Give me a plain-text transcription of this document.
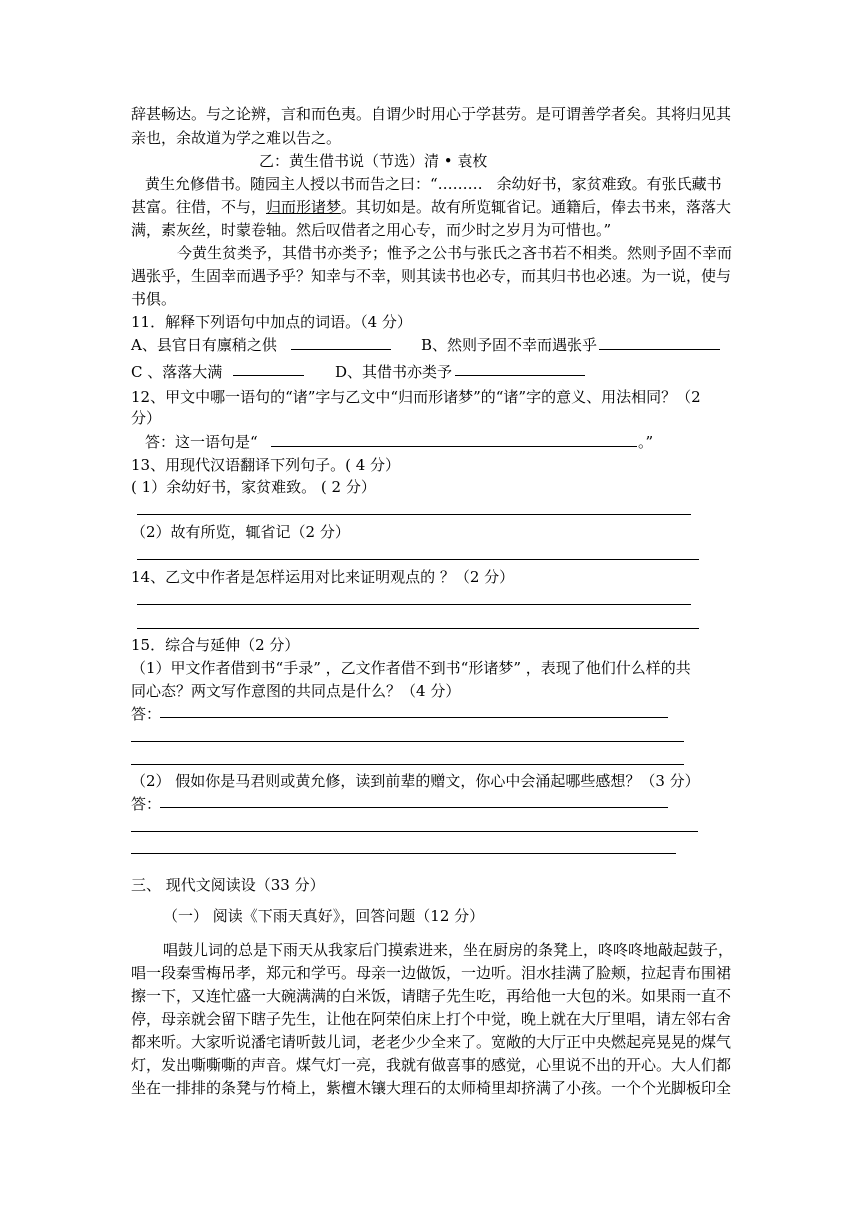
辞甚畅达。与之论辨，言和而色夷。自谓少时用心于学甚劳。是可谓善学者矣。其将归见其
亲也，余故道为学之难以告之。
乙：黄生借书说（节选）清 • 袁枚
黄生允修借书。随园主人授以书而告之曰：“……… 余幼好书，家贫难致。有张氏藏书
甚富。往借，不与，归而形诸梦。其切如是。故有所览辄省记。通籍后，俸去书来，落落大
满，素灰丝，时蒙卷轴。然后叹借者之用心专，而少时之岁月为可惜也。”
今黄生贫类予，其借书亦类予；惟予之公书与张氏之吝书若不相类。然则予固不幸而
遇张乎，生固幸而遇予乎？知幸与不幸，则其读书也必专，而其归书也必速。为一说，使与
书俱。
11．解释下列语句中加点的词语。（4 分）
A、县官日有廪稍之供	B、然则予固不幸而遇张乎
C 、落落大满	D、其借书亦类予
12、甲文中哪一语句的“诸”字与乙文中“归而形诸梦”的“诸”字的意义、用法相同？（2
分）
答：这一语句是“	。”
13、用现代汉语翻译下列句子。( 4 分）
( 1）余幼好书，家贫难致。 ( 2 分）
（2）故有所览，辄省记（2 分）
14、乙文中作者是怎样运用对比来证明观点的 ？（2 分）
15．综合与延伸（2 分）
（1）甲文作者借到书“手录” ，乙文作者借不到书“形诸梦” ，表现了他们什么样的共
同心态？两文写作意图的共同点是什么？（4 分）
答：
（2） 假如你是马君则或黄允修，读到前辈的赠文，你心中会涌起哪些感想？（3 分）
答：
三、 现代文阅读设（33 分）
（一） 阅读《下雨天真好》，回答问题（12 分）
唱鼓儿词的总是下雨天从我家后门摸索进来，坐在厨房的条凳上，咚咚咚地敲起鼓子，
唱一段秦雪梅吊孝，郑元和学丐。母亲一边做饭，一边听。泪水挂满了脸颊，拉起青布围裙
擦一下，又连忙盛一大碗满满的白米饭，请瞎子先生吃，再给他一大包的米。如果雨一直不
停，母亲就会留下瞎子先生，让他在阿荣伯床上打个中觉，晚上就在大厅里唱，请左邻右舍
都来听。大家听说潘宅请听鼓儿词，老老少少全来了。宽敞的大厅正中央燃起亮晃晃的煤气
灯，发出嘶嘶嘶的声音。煤气灯一亮，我就有做喜事的感觉，心里说不出的开心。大人们都
坐在一排排的条凳与竹椅上，紫檀木镶大理石的太师椅里却挤满了小孩。一个个光脚板印全
